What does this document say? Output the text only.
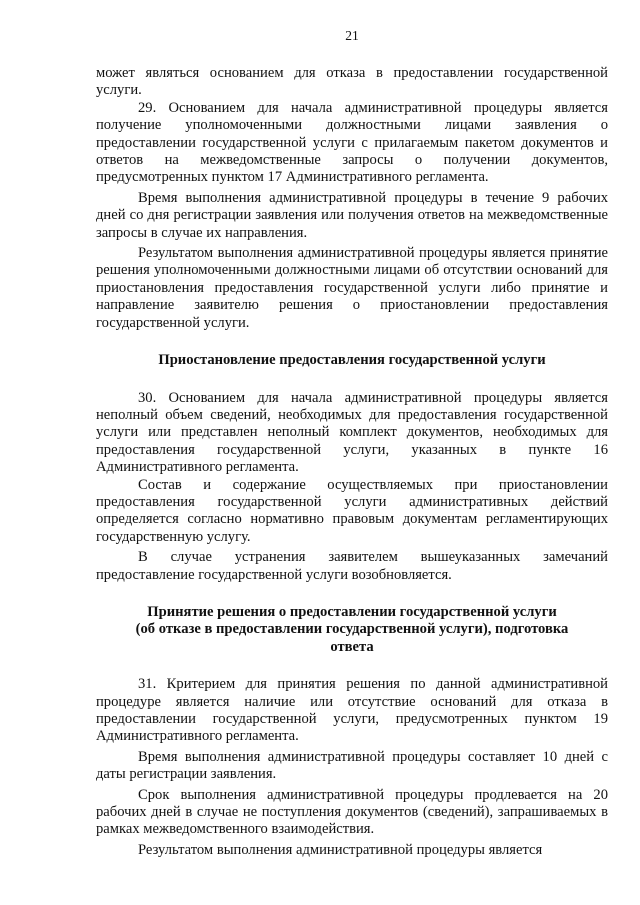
21

может являться основанием для отказа в предоставлении государственной услуги.

29. Основанием для начала административной процедуры является получение уполномоченными должностными лицами заявления о предоставлении государственной услуги с прилагаемым пакетом документов и ответов на межведомственные запросы о получении документов, предусмотренных пунктом 17 Административного регламента.

Время выполнения административной процедуры в течение 9 рабочих дней со дня регистрации заявления или получения ответов на межведомственные запросы в случае их направления.

Результатом выполнения административной процедуры является принятие решения уполномоченными должностными лицами об отсутствии оснований для приостановления предоставления государственной услуги либо принятие и направление заявителю решения о приостановлении предоставления государственной услуги.

Приостановление предоставления государственной услуги

30. Основанием для начала административной процедуры является неполный объем сведений, необходимых для предоставления государственной услуги или представлен неполный комплект документов, необходимых для предоставления государственной услуги, указанных в пункте 16 Административного регламента.

Состав и содержание осуществляемых при приостановлении предоставления государственной услуги административных действий определяется согласно нормативно правовым документам регламентирующих государственную услугу.

В случае устранения заявителем вышеуказанных замечаний предоставление государственной услуги возобновляется.

Принятие решения о предоставлении государственной услуги
(об отказе в предоставлении государственной услуги), подготовка
ответа

31. Критерием для принятия решения по данной административной процедуре является наличие или отсутствие оснований для отказа в предоставлении государственной услуги, предусмотренных пунктом 19 Административного регламента.

Время выполнения административной процедуры составляет 10 дней с даты регистрации заявления.

Срок выполнения административной процедуры продлевается на 20 рабочих дней в случае не поступления документов (сведений), запрашиваемых в рамках межведомственного взаимодействия.

Результатом выполнения административной процедуры является
